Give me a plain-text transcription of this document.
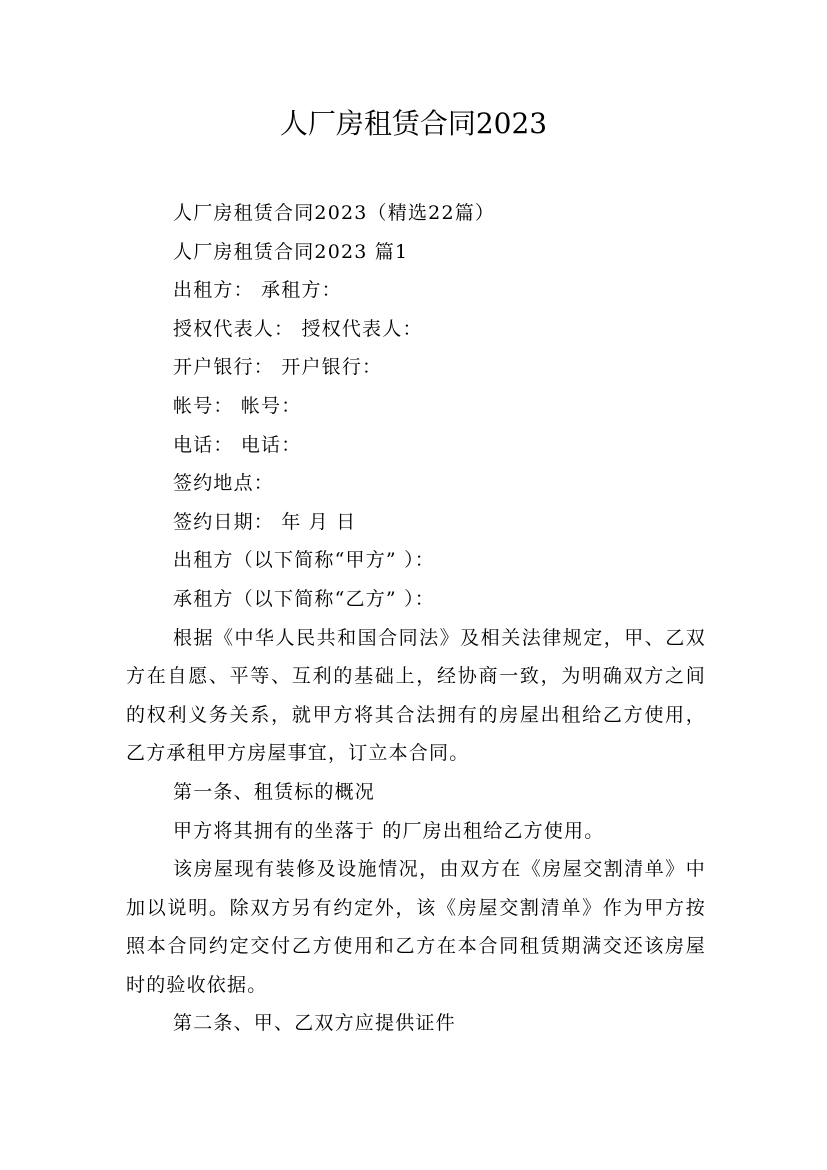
人厂房租赁合同2023

人厂房租赁合同2023（精选22篇）

人厂房租赁合同2023 篇1

出租方： 承租方：

授权代表人： 授权代表人：

开户银行： 开户银行：

帐号： 帐号：

电话： 电话：

签约地点：

签约日期： 年 月 日

出租方（以下简称“甲方” ）：

承租方（以下简称“乙方” ）：

根据《中华人民共和国合同法》及相关法律规定，甲、乙双方在自愿、平等、互利的基础上，经协商一致，为明确双方之间的权利义务关系，就甲方将其合法拥有的房屋出租给乙方使用，乙方承租甲方房屋事宜，订立本合同。

第一条、租赁标的概况

甲方将其拥有的坐落于 的厂房出租给乙方使用。

该房屋现有装修及设施情况，由双方在《房屋交割清单》中加以说明。除双方另有约定外，该《房屋交割清单》作为甲方按照本合同约定交付乙方使用和乙方在本合同租赁期满交还该房屋时的验收依据。

第二条、甲、乙双方应提供证件
